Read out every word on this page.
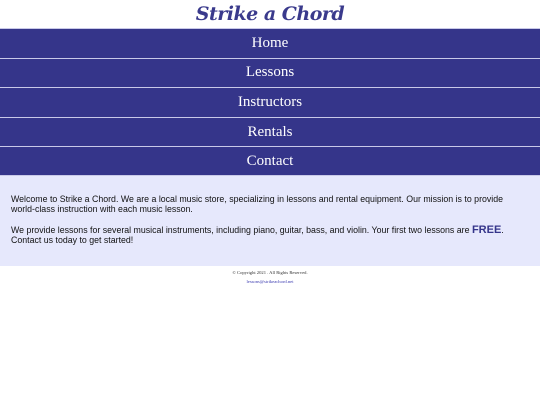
Strike a Chord
Home
Lessons
Instructors
Rentals
Contact

Welcome to Strike a Chord. We are a local music store, specializing in lessons and rental equipment. Our mission is to provide world-class instruction with each music lesson.

We provide lessons for several musical instruments, including piano, guitar, bass, and violin. Your first two lessons are FREE. Contact us today to get started!

© Copyright 2021 . All Rights Reserved.
lessons@strikeachord.net
